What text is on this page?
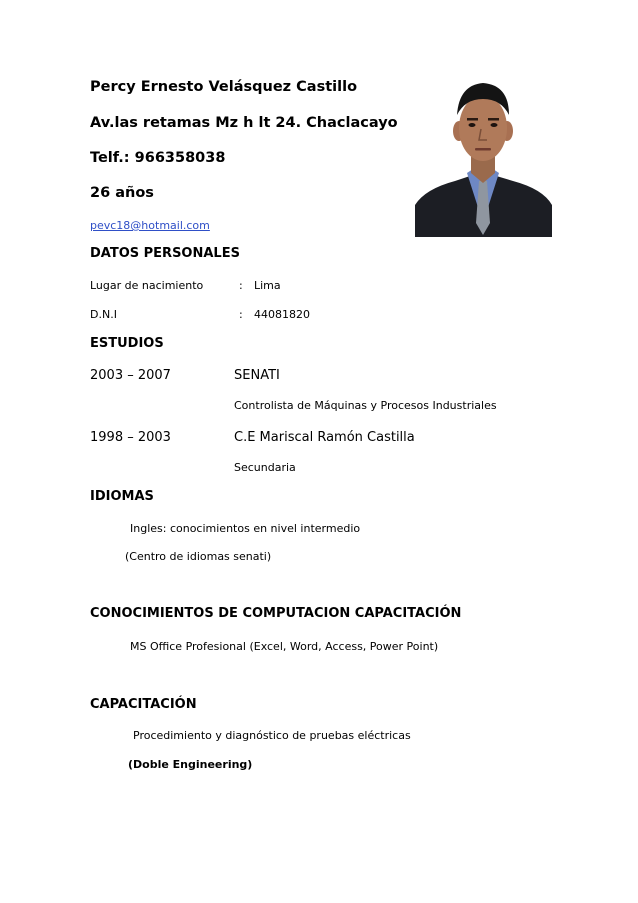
Percy Ernesto Velásquez Castillo
Av.las retamas Mz h lt 24. Chaclacayo
Telf.: 966358038
26 años
pevc18@hotmail.com
DATOS PERSONALES
Lugar de nacimiento	: Lima
D.N.I	: 44081820
ESTUDIOS
2003 – 2007	SENATI
Controlista de Máquinas y Procesos Industriales
1998 – 2003	C.E Mariscal Ramón Castilla
Secundaria
IDIOMAS
Ingles: conocimientos en nivel intermedio
(Centro de idiomas senati)
CONOCIMIENTOS DE COMPUTACION CAPACITACIÓN
MS Office Profesional (Excel, Word, Access, Power Point)
CAPACITACIÓN
Procedimiento y diagnóstico de pruebas eléctricas
(Doble Engineering)
